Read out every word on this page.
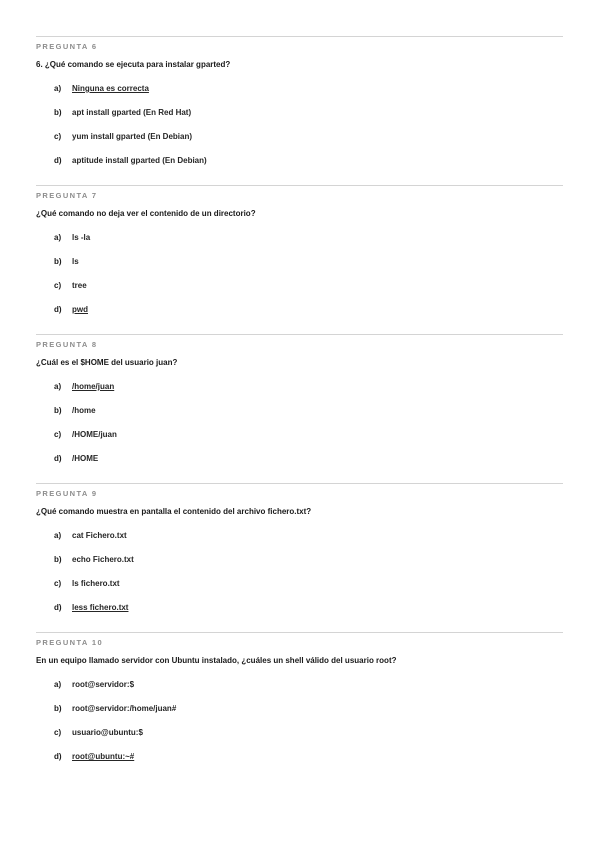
PREGUNTA 6
6. ¿Qué comando se ejecuta para instalar gparted?
a) Ninguna es correcta
b) apt install gparted (En Red Hat)
c) yum install gparted (En Debian)
d) aptitude install gparted (En Debian)
PREGUNTA 7
¿Qué comando no deja ver el contenido de un directorio?
a) ls -la
b) ls
c) tree
d) pwd
PREGUNTA 8
¿Cuál es el $HOME del usuario juan?
a) /home/juan
b) /home
c) /HOME/juan
d) /HOME
PREGUNTA 9
¿Qué comando muestra en pantalla el contenido del archivo fichero.txt?
a) cat Fichero.txt
b) echo Fichero.txt
c) ls fichero.txt
d) less fichero.txt
PREGUNTA 10
En un equipo llamado servidor con Ubuntu instalado, ¿cuáles un shell válido del usuario root?
a) root@servidor:$
b) root@servidor:/home/juan#
c) usuario@ubuntu:$
d) root@ubuntu:~#
